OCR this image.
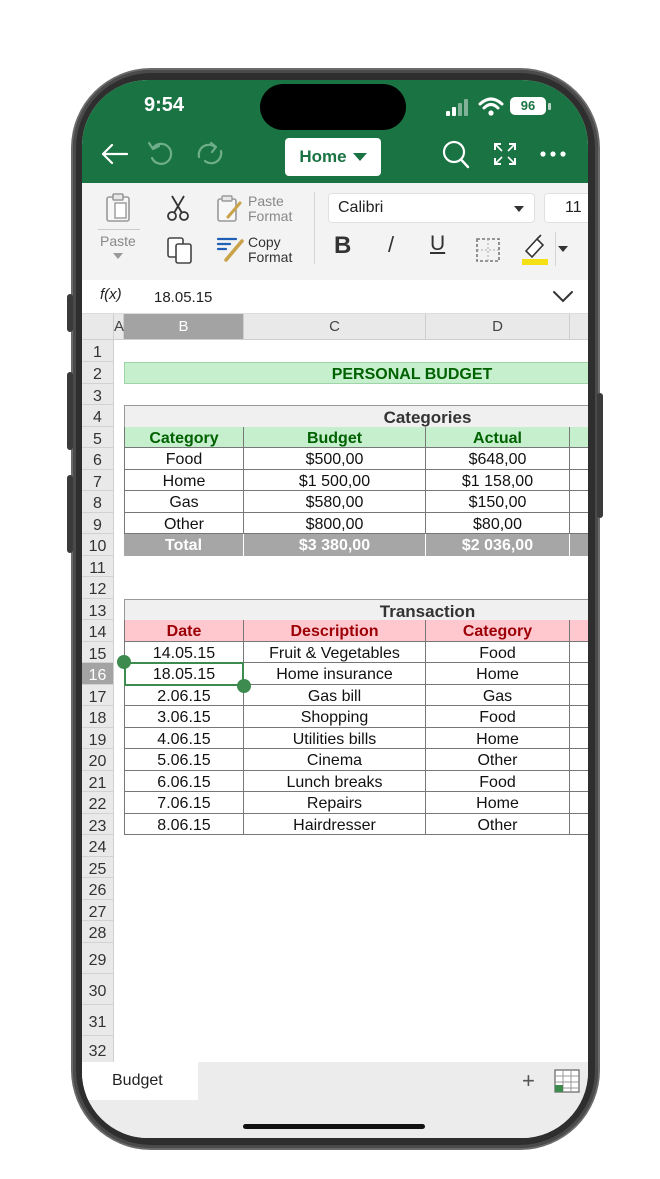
9:54	96
Home
Paste
Paste
Format
Copy
Format
Calibri	11
B / U
f(x) 18.05.15
A	B	C	D
1
2
3
4
5
6
7
8
9
10
11
12
13
14
15
16
17
18
19
20
21
22
23
24
25
26
27
28
29
30
31
32
PERSONAL BUDGET
Categories
Category	Budget	Actual
Food	$500,00	$648,00
Home	$1 500,00	$1 158,00
Gas	$580,00	$150,00
Other	$800,00	$80,00
Total	$3 380,00	$2 036,00
Transaction
Date	Description	Category
14.05.15	Fruit & Vegetables	Food
18.05.15	Home insurance	Home
2.06.15	Gas bill	Gas
3.06.15	Shopping	Food
4.06.15	Utilities bills	Home
5.06.15	Cinema	Other
6.06.15	Lunch breaks	Food
7.06.15	Repairs	Home
8.06.15	Hairdresser	Other
Budget	+
